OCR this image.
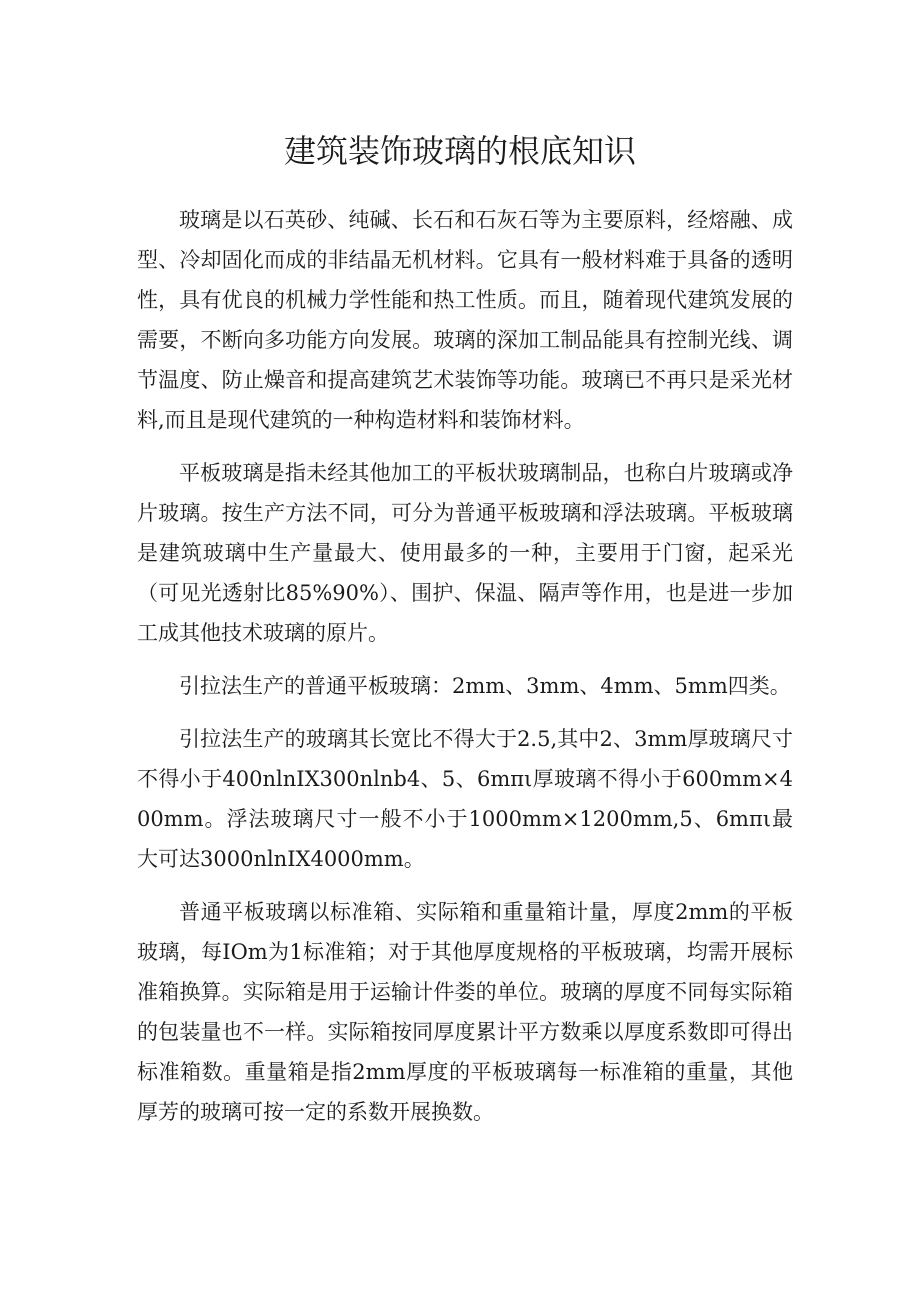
建筑装饰玻璃的根底知识

玻璃是以石英砂、纯碱、长石和石灰石等为主要原料，经熔融、成型、冷却固化而成的非结晶无机材料。它具有一般材料难于具备的透明性，具有优良的机械力学性能和热工性质。而且，随着现代建筑发展的需要，不断向多功能方向发展。玻璃的深加工制品能具有控制光线、调节温度、防止燥音和提高建筑艺术装饰等功能。玻璃已不再只是采光材料,而且是现代建筑的一种构造材料和装饰材料。

平板玻璃是指未经其他加工的平板状玻璃制品，也称白片玻璃或净片玻璃。按生产方法不同，可分为普通平板玻璃和浮法玻璃。平板玻璃是建筑玻璃中生产量最大、使用最多的一种，主要用于门窗，起采光（可见光透射比85%90%）、围护、保温、隔声等作用，也是进一步加工成其他技术玻璃的原片。

引拉法生产的普通平板玻璃：2mm、3mm、4mm、5mm四类。

引拉法生产的玻璃其长宽比不得大于2.5,其中2、3mm厚玻璃尺寸不得小于400nlnIX300nlnb4、5、6mπι厚玻璃不得小于600mm×400mm。浮法玻璃尺寸一般不小于1000mm×1200mm,5、6mπι最大可达3000nlnIX4000mm。

普通平板玻璃以标准箱、实际箱和重量箱计量，厚度2mm的平板玻璃，每IOm为1标准箱；对于其他厚度规格的平板玻璃，均需开展标准箱换算。实际箱是用于运输计件娄的单位。玻璃的厚度不同每实际箱的包装量也不一样。实际箱按同厚度累计平方数乘以厚度系数即可得出标准箱数。重量箱是指2mm厚度的平板玻璃每一标准箱的重量，其他厚芳的玻璃可按一定的系数开展换数。
